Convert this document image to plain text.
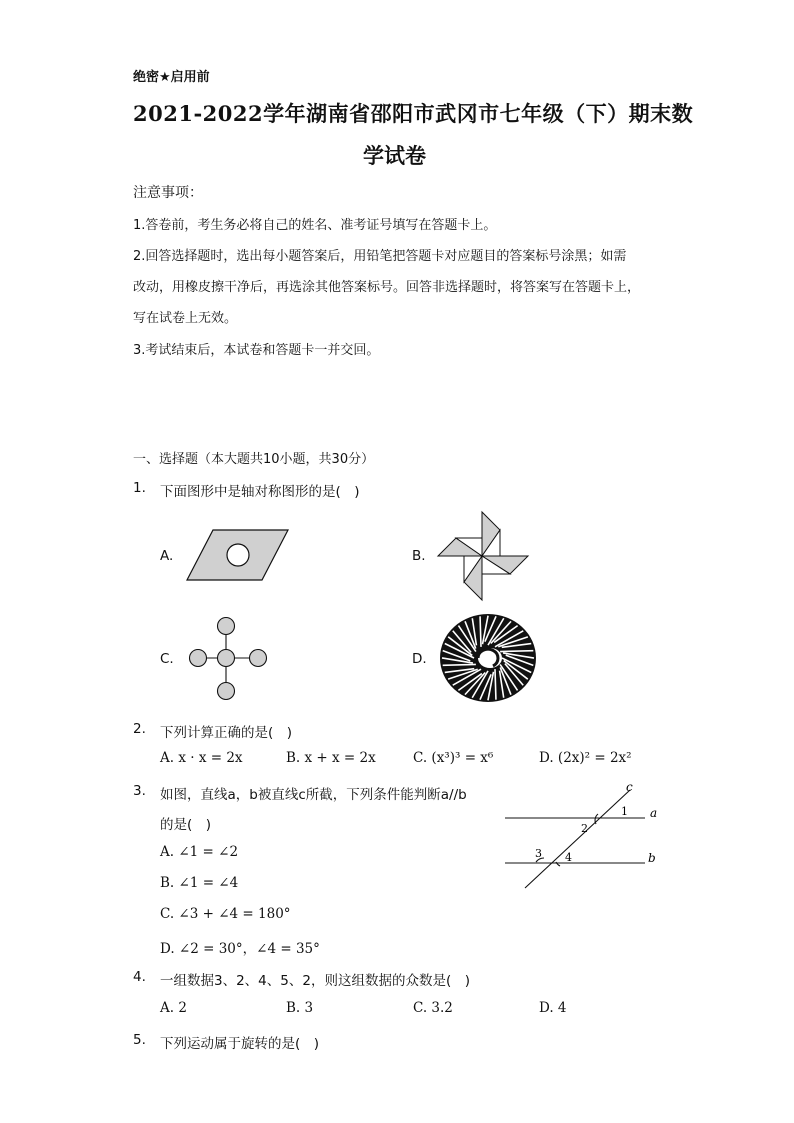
绝密★启用前
2021-2022学年湖南省邵阳市武冈市七年级（下）期末数
学试卷
注意事项：
1.答卷前，考生务必将自己的姓名、准考证号填写在答题卡上。
2.回答选择题时，选出每小题答案后，用铅笔把答题卡对应题目的答案标号涂黑；如需
改动，用橡皮擦干净后，再选涂其他答案标号。回答非选择题时，将答案写在答题卡上，
写在试卷上无效。
3.考试结束后，本试卷和答题卡一并交回。
一、选择题（本大题共10小题，共30分）
1. 下面图形中是轴对称图形的是(　)
A.	B.
C.	D.
2. 下列计算正确的是(　)
A. x · x = 2x	B. x + x = 2x	C. (x³)³ = x⁶	D. (2x)² = 2x²
3. 如图，直线a，b被直线c所截，下列条件能判断a//b
的是(　)
A. ∠1 = ∠2
B. ∠1 = ∠4
C. ∠3 + ∠4 = 180°
D. ∠2 = 30°，∠4 = 35°
c
a
b
1
2
3 4
4. 一组数据3、2、4、5、2，则这组数据的众数是(　)
A. 2	B. 3	C. 3.2	D. 4
5. 下列运动属于旋转的是(　)
